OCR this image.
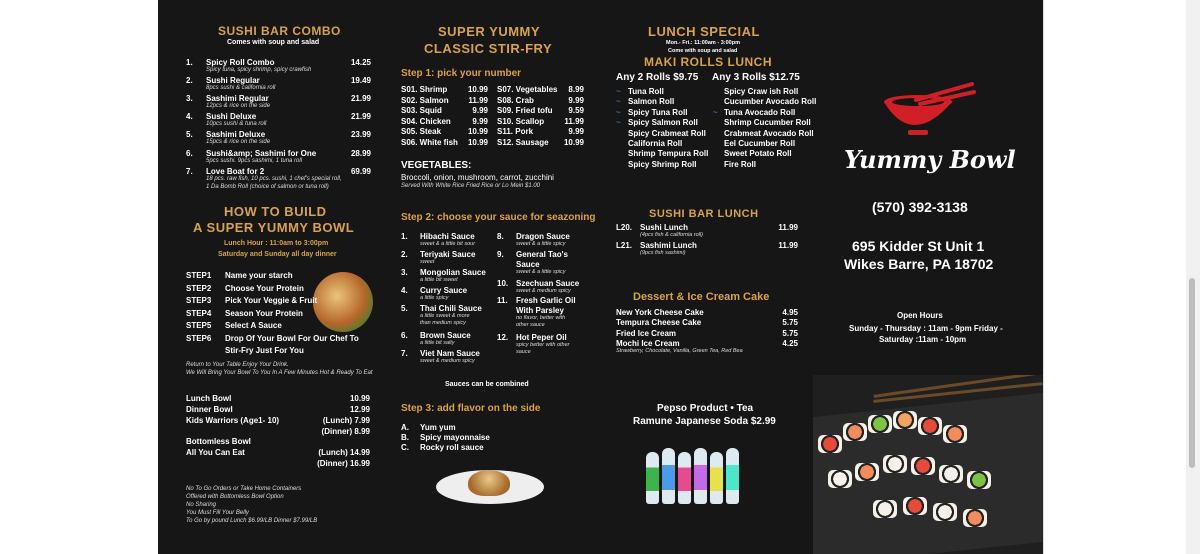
SUSHI BAR COMBO
Comes with soup and salad
HOW TO BUILD
A SUPER YUMMY BOWL
Lunch Hour : 11:0am to 3:00pm
Saturday and Sunday all day dinner
Stir-Fry Just For You
Return to Your Table Enjoy Your Drink.
We Will Bring Your Bowl To You In A Few Minutes Hot & Ready To Eat
SUPER YUMMY
CLASSIC STIR-FRY
Step 1: pick your number
VEGETABLES:
Broccoli, onion, mushroom, carrot, zucchini
Served With White Rice Fried Rice or Lo Mein $1.00
Step 2: choose your sauce for seazoning
Sauces can be combined
Step 3: add flavor on the side
LUNCH SPECIAL
Mon.- Fri.: 11:00am - 3:00pm
Come with soup and salad
MAKI ROLLS LUNCH
Any 2 Rolls $9.75 Any 3 Rolls $12.75
SUSHI BAR LUNCH
Dessert & Ice Cream Cake
Strawberry, Chocolate, Vanilla, Green Tea, Red Bea
Pepso Product • Tea
Ramune Japanese Soda $2.99
Yummy Bowl
(570) 392-3138
695 Kidder St Unit 1
Wikes Barre, PA 18702
Open Hours
Sunday - Thursday : 11am - 9pm Friday -
Saturday :11am - 10pm
1. Spicy Roll Combo	14.25
Spicy tuna, spicy shrimp, spicy crawfish
2. Sushi Regular	19.49
8pcs sushi & california roll
3. Sashimi Regular	21.99
12pcs & rice on the side
4. Sushi Deluxe	21.99
10pcs sushi & tuna roll
5. Sashimi Deluxe	23.99
15pcs & rice on the side
6. Sushi&amp; Sashimi for One	28.99
5pcs sushi. 9pcs sashimi, 1 tuna roll
7. Love Boat for 2	69.99
18 pcs. raw fish, 10 pcs. sushi, 1 chef's special roll,
1 Da Bomb Roll (choice of salmon or tuna roll)
STEP1 Name your starch
STEP2 Choose Your Protein
STEP3 Pick Your Veggie & Fruit
STEP4 Season Your Protein
STEP5 Select A Sauce
STEP6 Drop Of Your Bowl For Our Chef To
Lunch Bowl	10.99
Dinner Bowl	12.99
Kids Warriors (Age1- 10)	(Lunch) 7.99
(Dinner) 8.99
Bottomless Bowl
All You Can Eat	(Lunch) 14.99
(Dinner) 16.99
No To Go Orders or Take Home Containers
Offered with Bottomless Bowl Option
No Sharing
You Must Fill Your Belly
To Go by pound Lunch $6.99/LB Dinner $7.99/LB
S01. Shrimp	10.99
S02. Salmon	11.99
S03. Squid	9.99
S04. Chicken	9.99
S05. Steak	10.99
S06. White fish	10.99
S07. Vegetables	8.99
S08. Crab	9.99
S09. Fried tofu	9.59
S10. Scallop	11.99
S11. Pork	9.99
S12. Sausage	10.99
1. Hibachi Sauce
sweet & a little bit sour
2. Teriyaki Sauce
sweet
3. Mongolian Sauce
a little bit sweet
4. Curry Sauce
a little spicy
5. Thai Chili Sauce
a little sweet & more
than medium spicy
6. Brown Sauce
a little bit salty
7. Viet Nam Sauce
sweet & medium spicy
8. Dragon Sauce
sweet & a little spicy
9. General Tao's
Sauce
sweet & a little spicy
10. Szechuan Sauce
sweet & medium spicy
11. Fresh Garlic Oil
With Parsley
no flavor, better with
other sauce
12. Hot Peper Oil
spicy better with other
sauce
A. Yum yum
B. Spicy mayonnaise
C. Rocky roll sauce
~ Tuna Roll
~ Salmon Roll
~ Spicy Tuna Roll
~ Spicy Salmon Roll
Spicy Crabmeat Roll
California Roll
Shrimp Tempura Roll
Spicy Shrimp Roll
Spicy Craw ish Roll
Cucumber Avocado Roll
~ Tuna Avocado Roll
Shrimp Cucumber Roll
Crabmeat Avocado Roll
Eel Cucumber Roll
Sweet Potato Roll
Fire Roll
L20. Sushi Lunch
(4pcs fish & california roll)
11.99
L21. Sashimi Lunch
(9pcs fish sashimi)
11.99
New York Cheese Cake	4.95
Tempura Cheese Cake	5.75
Fried Ice Cream	5.75
Mochi Ice Cream	4.25
